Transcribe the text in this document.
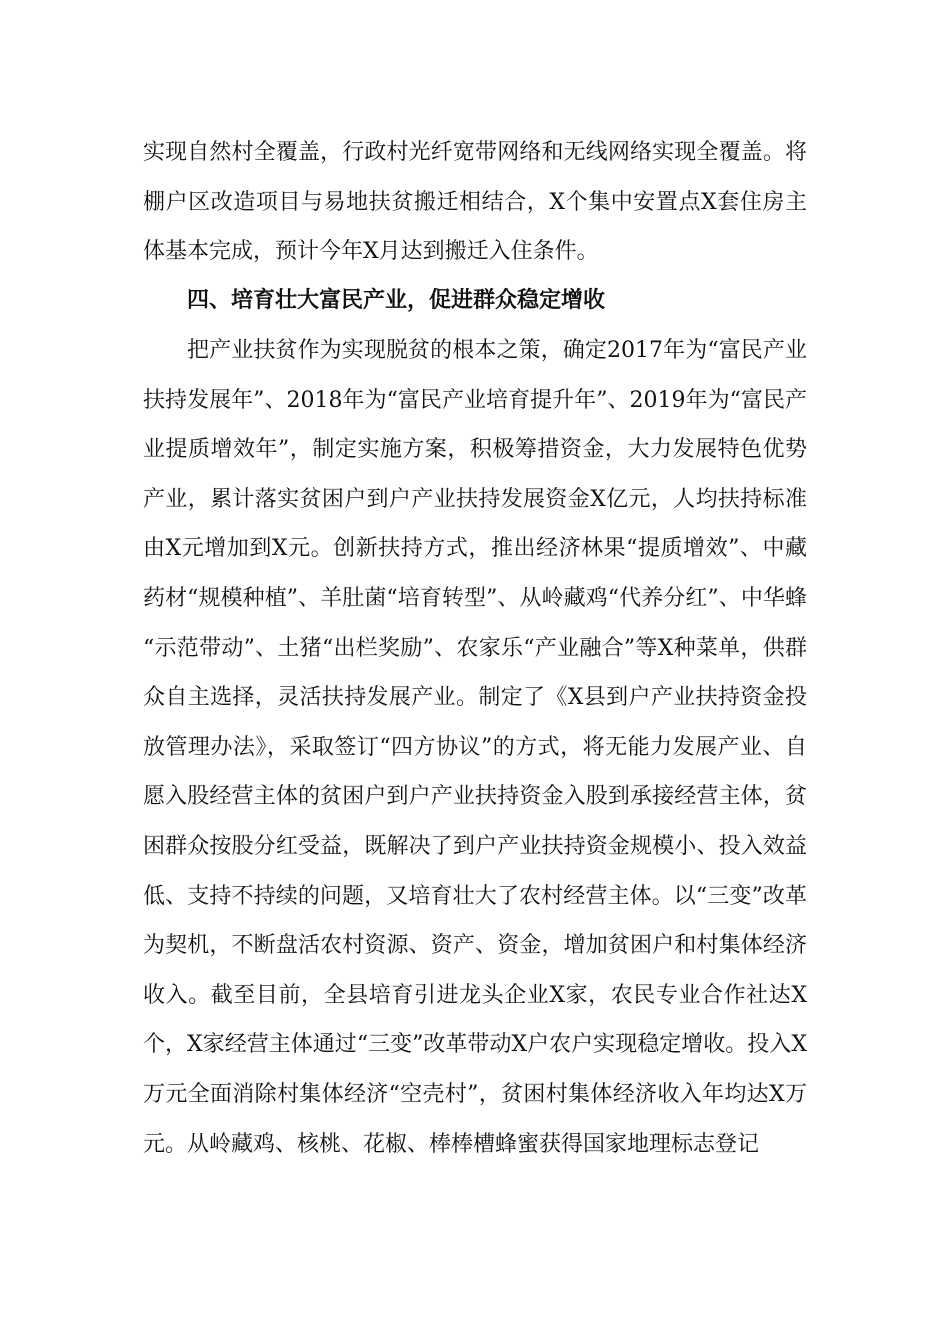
实现自然村全覆盖，行政村光纤宽带网络和无线网络实现全覆盖。将棚户区改造项目与易地扶贫搬迁相结合，X个集中安置点X套住房主体基本完成，预计今年X月达到搬迁入住条件。
四、培育壮大富民产业，促进群众稳定增收
把产业扶贫作为实现脱贫的根本之策，确定2017年为“富民产业扶持发展年”、2018年为“富民产业培育提升年”、2019年为“富民产业提质增效年”，制定实施方案，积极筹措资金，大力发展特色优势产业，累计落实贫困户到户产业扶持发展资金X亿元，人均扶持标准由X元增加到X元。创新扶持方式，推出经济林果“提质增效”、中藏药材“规模种植”、羊肚菌“培育转型”、从岭藏鸡“代养分红”、中华蜂“示范带动”、土猪“出栏奖励”、农家乐“产业融合”等X种菜单，供群众自主选择，灵活扶持发展产业。制定了《X县到户产业扶持资金投放管理办法》，采取签订“四方协议”的方式，将无能力发展产业、自愿入股经营主体的贫困户到户产业扶持资金入股到承接经营主体，贫困群众按股分红受益，既解决了到户产业扶持资金规模小、投入效益低、支持不持续的问题，又培育壮大了农村经营主体。以“三变”改革为契机，不断盘活农村资源、资产、资金，增加贫困户和村集体经济收入。截至目前，全县培育引进龙头企业X家，农民专业合作社达X个，X家经营主体通过“三变”改革带动X户农户实现稳定增收。投入X万元全面消除村集体经济“空壳村”，贫困村集体经济收入年均达X万元。从岭藏鸡、核桃、花椒、棒棒槽蜂蜜获得国家地理标志登记
